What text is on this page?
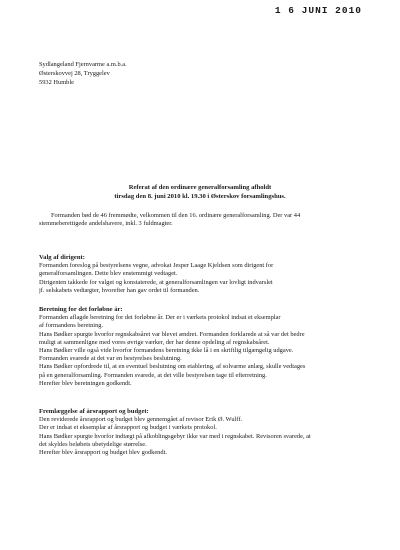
1 6 JUNI 2010
Sydlangeland Fjernvarme a.m.b.a.
Østerskovvej 28, Tryggelev
5932 Humble
Referat af den ordinære generalforsamling afholdt
tirsdag den 8. juni 2010 kl. 19.30 i Østerskov forsamlingshus.

Formanden bød de 46 fremmødte, velkommen til den 16. ordinære generalforsamling. Der var 44

stemmeberettigede andelshavere, inkl. 3 fuldmagter.

Valg af dirigent:

Formanden foreslog på bestyrelsens vegne, advokat Jesper Laage Kjeldsen som dirigent for

generalforsamlingen. Dette blev enstemmigt vedtaget.

Dirigenten takkede for valget og konstaterede, at generalforsamlingen var lovligt indvarslet

jf. selskabets vedtægter, hvorefter han gav ordet til formanden.

Beretning for det forløbne år:

Formanden aflagde beretning for det forløbne år. Der er i værkets protokol indsat et eksemplar

af formandens beretning.

Hans Bødker spurgte hvorfor regnskabsåret var blevet ændret. Formanden forklarede at så var det bedre

muligt at sammenligne med vores øvrige værker, der har denne opdeling af regnskabsåret.

Hans Bødker ville også vide hvorfor formandens beretning ikke lå i en skriftlig tilgængelig udgave.

Formanden svarede at det var en bestyrelses beslutning.

Hans Bødker opfordrede til, at en eventuel beslutning om etablering, af solvarme anlæg, skulle vedtages

på en generalforsamling. Formanden svarede, at det ville bestyrelsen tage til efterretning.

Herefter blev beretningen godkendt.

Fremlæggelse af årsrapport og budget:

Den reviderede årsrapport og budget blev gennemgået af revisor Erik Ø. Wulff.

Der er indsat et eksemplar af årsrapport og budget i værkets protokol.

Hans Bødker spurgte hvorfor indtægt på afkoblingsgebyr ikke var med i regnskabet. Revisoren svarede, at

det skyldes beløbets ubetydelige størrelse.

Herefter blev årsrapport og budget blev godkendt.
